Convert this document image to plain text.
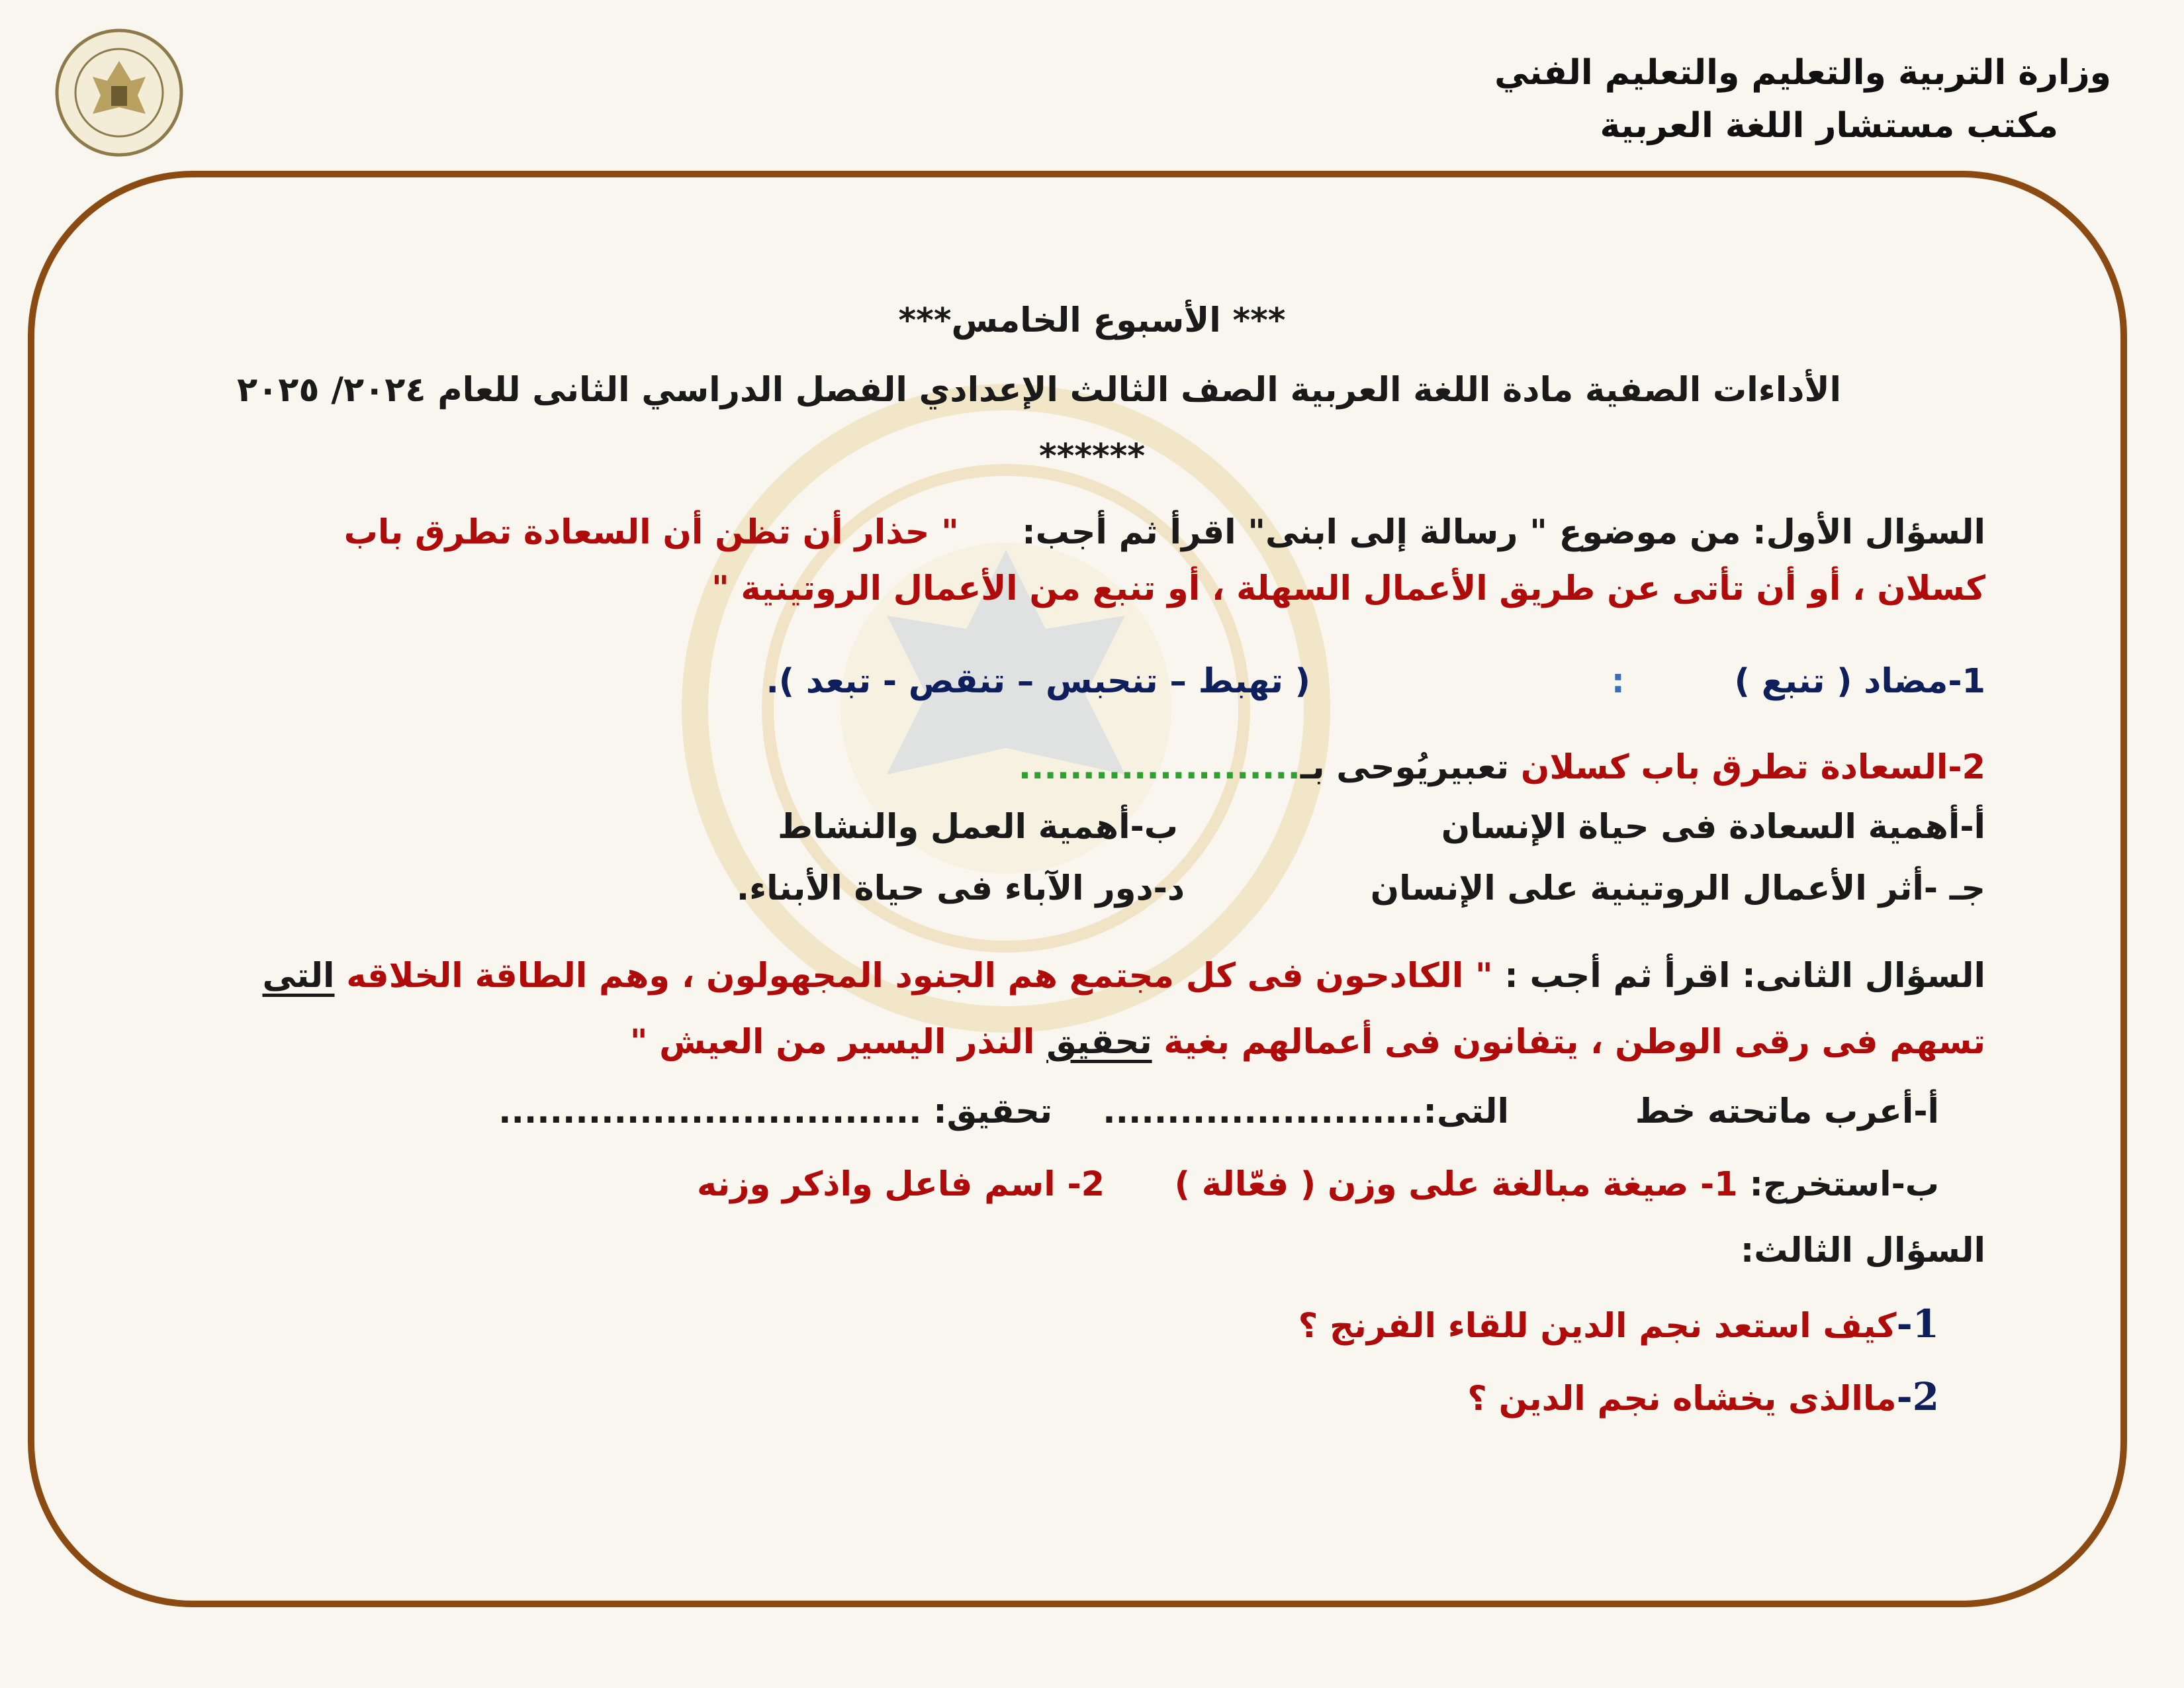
وزارة التربية والتعليم والتعليم الفني
مكتب مستشار اللغة العربية
*** الأسبوع الخامس***
الأداءات الصفية مادة اللغة العربية الصف الثالث الإعدادي الفصل الدراسي الثانى للعام ٢٠٢٤/ ٢٠٢٥
******
السؤال الأول: من موضوع " رسالة إلى ابنى" اقرأ ثم أجب:  " حذار أن تظن أن السعادة تطرق باب
كسلان ، أو أن تأتى عن طريق الأعمال السهلة ، أو تنبع من الأعمال الروتينية "
1-مضاد ( تنبع )
:
( تهبط – تنحبس – تنقص - تبعد ).
2-السعادة تطرق باب كسلان تعبيريُوحى بـ......................
أ-أهمية السعادة فى حياة الإنسان
ب-أهمية العمل والنشاط
جـ -أثر الأعمال الروتينية على الإنسان
د-دور الآباء فى حياة الأبناء.
السؤال الثانى: اقرأ ثم أجب : " الكادحون فى كل مجتمع هم الجنود المجهولون ، وهم الطاقة الخلاقه التى
تسهم فى رقى الوطن ، يتفانون فى أعمالهم بغية تحقيق النذر اليسير من العيش "
أ-أعرب ماتحته خط
التى:.........................
تحقيق: .................................
ب-استخرج: 1- صيغة مبالغة على وزن ( فعّالة )  2- اسم فاعل واذكر وزنه
السؤال الثالث:
1-كيف استعد نجم الدين للقاء الفرنج ؟
2-ماالذى يخشاه نجم الدين ؟
